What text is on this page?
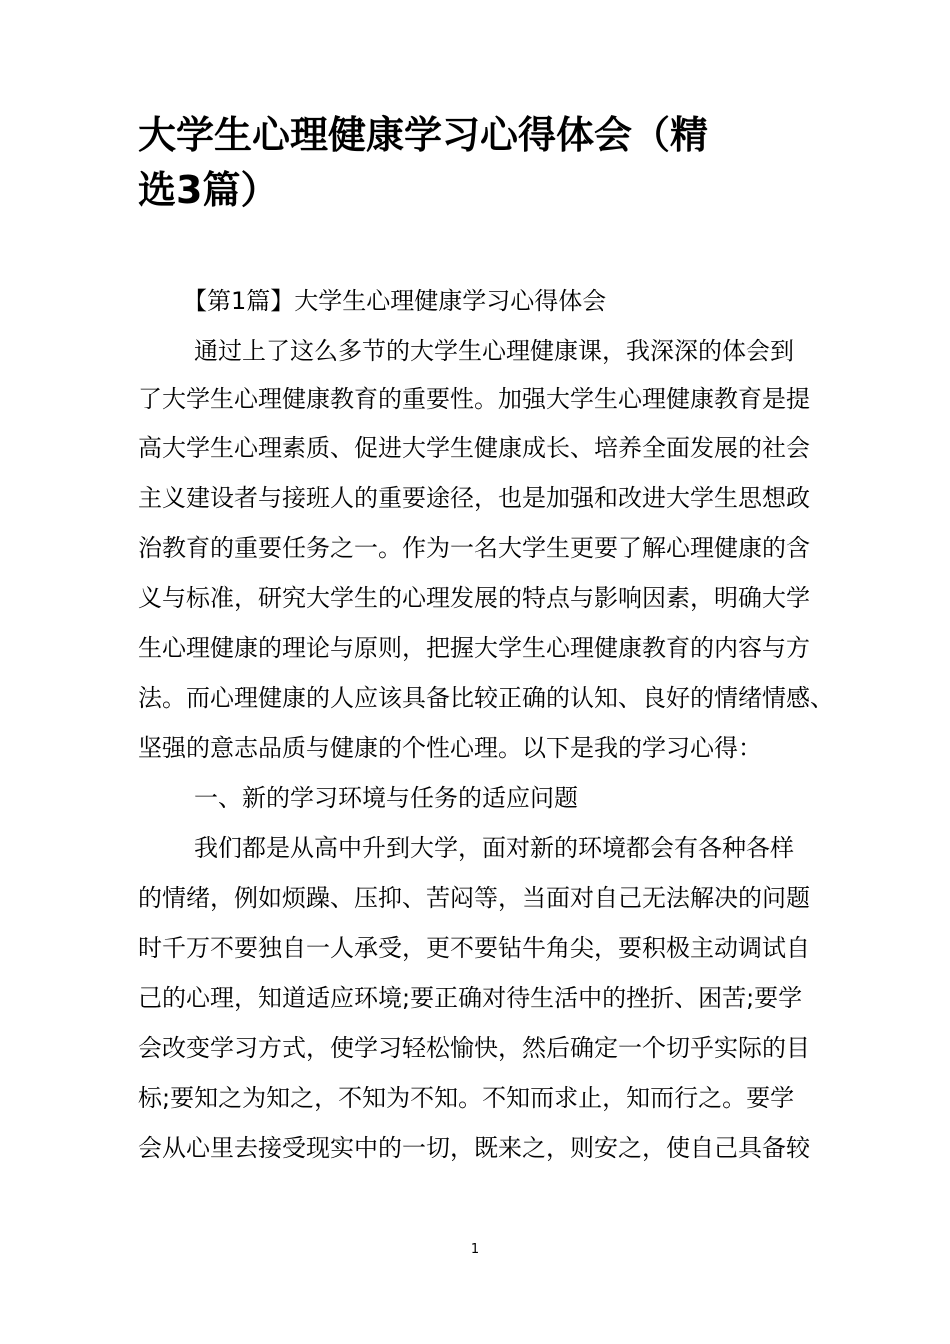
大学生心理健康学习心得体会（精
选3篇）

【第1篇】大学生心理健康学习心得体会

通过上了这么多节的大学生心理健康课，我深深的体会到

了大学生心理健康教育的重要性。加强大学生心理健康教育是提

高大学生心理素质、促进大学生健康成长、培养全面发展的社会

主义建设者与接班人的重要途径，也是加强和改进大学生思想政

治教育的重要任务之一。作为一名大学生更要了解心理健康的含

义与标准，研究大学生的心理发展的特点与影响因素，明确大学

生心理健康的理论与原则，把握大学生心理健康教育的内容与方

法。而心理健康的人应该具备比较正确的认知、良好的情绪情感、

坚强的意志品质与健康的个性心理。以下是我的学习心得：

一、新的学习环境与任务的适应问题

我们都是从高中升到大学，面对新的环境都会有各种各样

的情绪，例如烦躁、压抑、苦闷等，当面对自己无法解决的问题

时千万不要独自一人承受，更不要钻牛角尖，要积极主动调试自

己的心理，知道适应环境;要正确对待生活中的挫折、困苦;要学

会改变学习方式，使学习轻松愉快，然后确定一个切乎实际的目

标;要知之为知之，不知为不知。不知而求止，知而行之。要学

会从心里去接受现实中的一切，既来之，则安之，使自己具备较

1
